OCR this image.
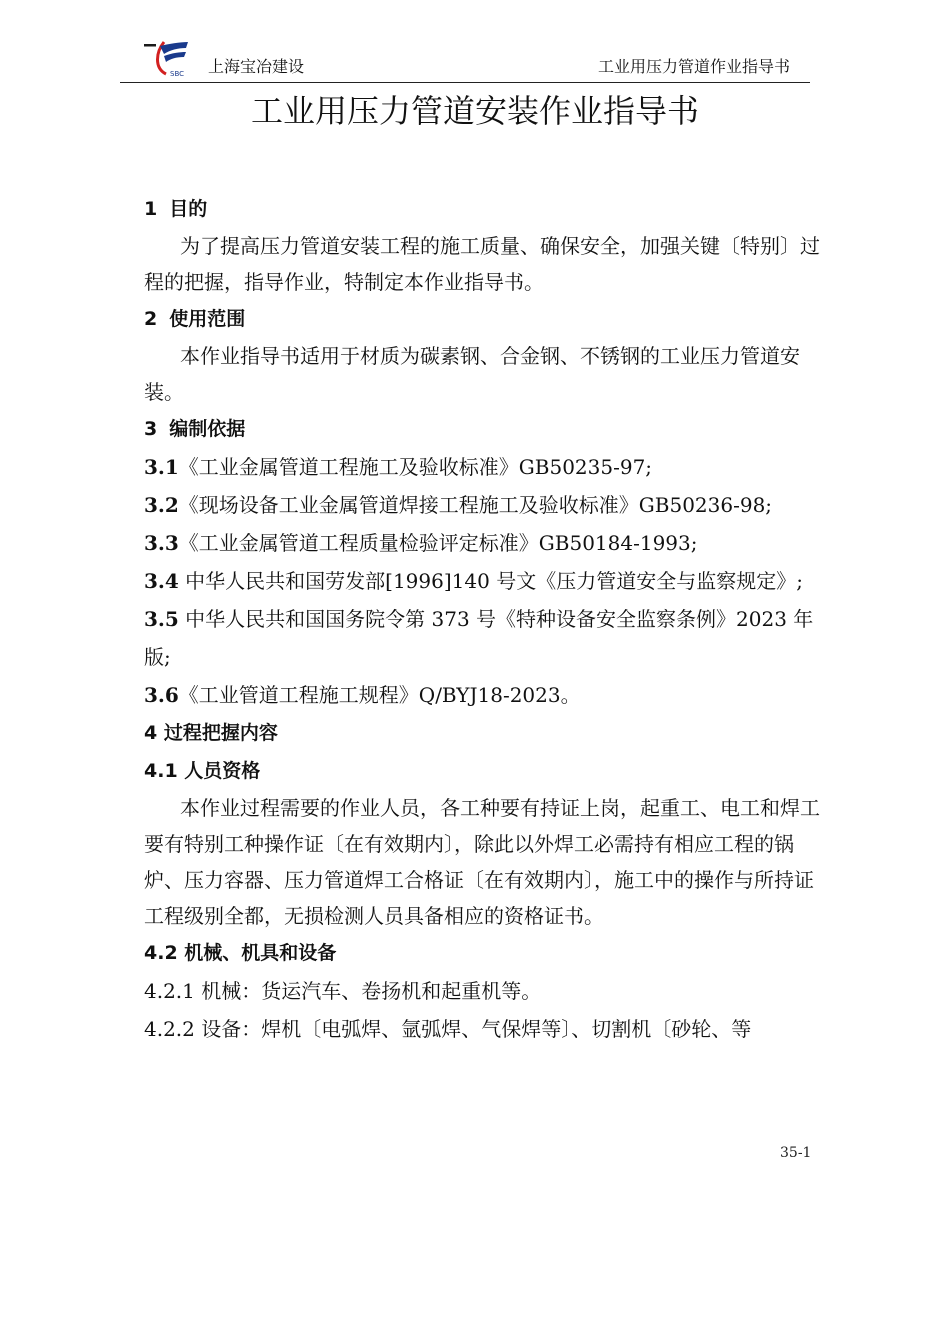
SBC 上海宝冶建设	工业用压力管道作业指导书
工业用压力管道安装作业指导书
1 目的

为了提高压力管道安装工程的施工质量、确保安全，加强关键〔特别〕过程的把握，指导作业，特制定本作业指导书。

2 使用范围

本作业指导书适用于材质为碳素钢、合金钢、不锈钢的工业压力管道安装。

3 编制依据

3.1《工业金属管道工程施工及验收标准》GB50235-97;

3.2《现场设备工业金属管道焊接工程施工及验收标准》GB50236-98;

3.3《工业金属管道工程质量检验评定标准》GB50184-1993;

3.4 中华人民共和国劳发部[1996]140 号文《压力管道安全与监察规定》;

3.5 中华人民共和国国务院令第 373 号《特种设备安全监察条例》2023 年版;

3.6《工业管道工程施工规程》Q/BYJ18-2023。

4 过程把握内容
4.1 人员资格

本作业过程需要的作业人员，各工种要有持证上岗，起重工、电工和焊工要有特别工种操作证〔在有效期内〕，除此以外焊工必需持有相应工程的锅炉、压力容器、压力管道焊工合格证〔在有效期内〕，施工中的操作与所持证工程级别全都，无损检测人员具备相应的资格证书。

4.2 机械、机具和设备

4.2.1 机械：货运汽车、卷扬机和起重机等。

4.2.2 设备：焊机〔电弧焊、氩弧焊、气保焊等〕、切割机〔砂轮、等

35-1
